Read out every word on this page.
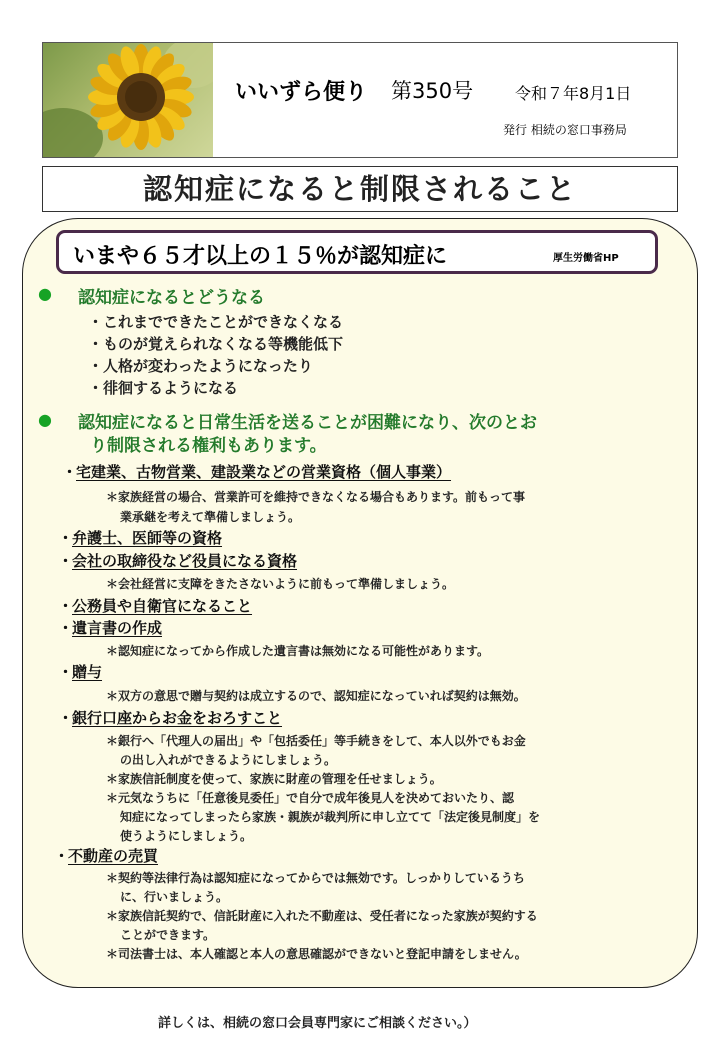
いいずら便り 第350号	令和７年8月1日
発行 相続の窓口事務局
認知症になると制限されること
いまや６５才以上の１５％が認知症に	厚生労働省HP
● 認知症になるとどうなる
・これまでできたことができなくなる
・ものが覚えられなくなる等機能低下
・人格が変わったようになったり
・徘徊するようになる
● 認知症になると日常生活を送ることが困難になり、次のとお
り制限される権利もあります。
・
宅建業、古物営業、建設業などの営業資格（個人事業）
＊家族経営の場合、営業許可を維持できなくなる場合もあります。前もって事
業承継を考えて準備しましょう。
・
弁護士、医師等の資格
・
会社の取締役など役員になる資格
＊会社経営に支障をきたさないように前もって準備しましょう。
・
公務員や自衛官になること
・
遺言書の作成
＊認知症になってから作成した遺言書は無効になる可能性があります。
・
贈与
＊双方の意思で贈与契約は成立するので、認知症になっていれば契約は無効。
・
銀行口座からお金をおろすこと
＊銀行へ「代理人の届出」や「包括委任」等手続きをして、本人以外でもお金
の出し入れができるようにしましょう。
＊家族信託制度を使って、家族に財産の管理を任せましょう。
＊元気なうちに「任意後見委任」で自分で成年後見人を決めておいたり、認
知症になってしまったら家族・親族が裁判所に申し立てて「法定後見制度」を
使うようにしましょう。
・
不動産の売買
＊契約等法律行為は認知症になってからでは無効です。しっかりしているうち
に、行いましょう。
＊家族信託契約で、信託財産に入れた不動産は、受任者になった家族が契約する
ことができます。
＊司法書士は、本人確認と本人の意思確認ができないと登記申請をしません。
詳しくは、相続の窓口会員専門家にご相談ください。）
